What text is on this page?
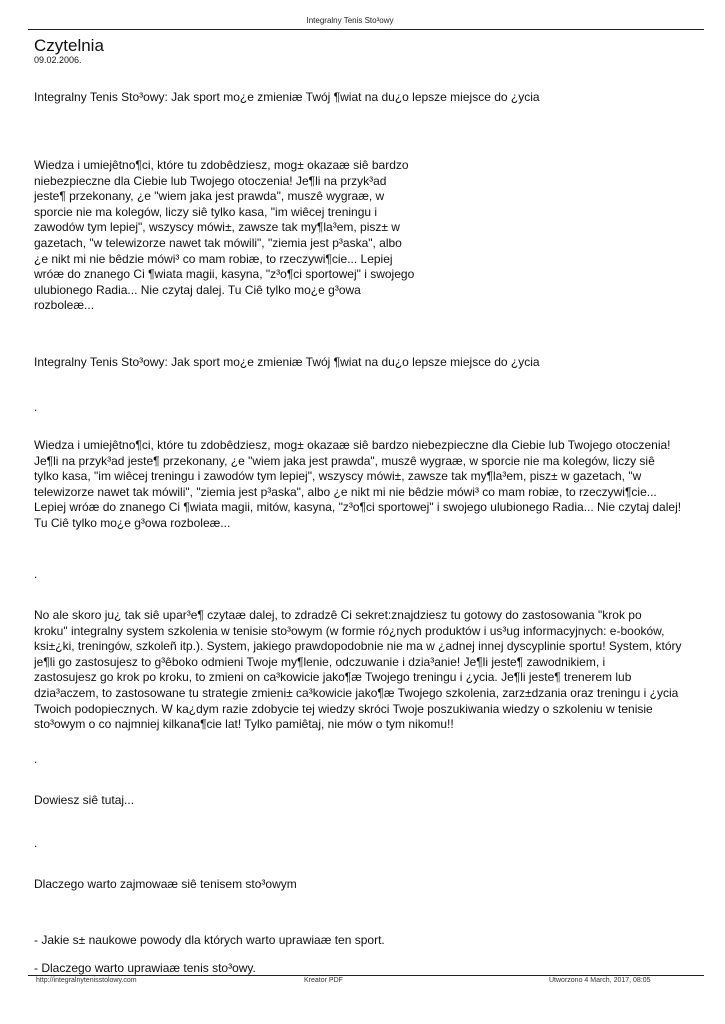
Integralny Tenis Sto³owy
Czytelnia
09.02.2006.
Integralny Tenis Sto³owy: Jak sport mo¿e zmieniæ Twój ¶wiat na du¿o lepsze miejsce do ¿ycia
Wiedza i umiejêtno¶ci, które tu zdobêdziesz, mog± okazaæ siê bardzo
niebezpieczne dla Ciebie lub Twojego otoczenia! Je¶li na przyk³ad
jeste¶ przekonany, ¿e "wiem jaka jest prawda", muszê wygraæ, w
sporcie nie ma kolegów, liczy siê tylko kasa, "im wiêcej treningu i
zawodów tym lepiej", wszyscy mówi±, zawsze tak my¶la³em, pisz± w
gazetach, "w telewizorze nawet tak mówili", "ziemia jest p³aska", albo
¿e nikt mi nie bêdzie mówi³ co mam robiæ, to rzeczywi¶cie... Lepiej
wróæ do znanego Ci ¶wiata magii, kasyna, "z³o¶ci sportowej" i swojego
ulubionego Radia... Nie czytaj dalej. Tu Ciê tylko mo¿e g³owa
rozboleæ...
Integralny Tenis Sto³owy: Jak sport mo¿e zmieniæ Twój ¶wiat na du¿o lepsze miejsce do ¿ycia
.
Wiedza i umiejêtno¶ci, które tu zdobêdziesz, mog± okazaæ siê bardzo niebezpieczne dla Ciebie lub Twojego otoczenia!
Je¶li na przyk³ad jeste¶ przekonany, ¿e "wiem jaka jest prawda", muszê wygraæ, w sporcie nie ma kolegów, liczy siê
tylko kasa, "im wiêcej treningu i zawodów tym lepiej", wszyscy mówi±, zawsze tak my¶la³em, pisz± w gazetach, "w
telewizorze nawet tak mówili", "ziemia jest p³aska", albo ¿e nikt mi nie bêdzie mówi³ co mam robiæ, to rzeczywi¶cie...
Lepiej wróæ do znanego Ci ¶wiata magii, mitów, kasyna, "z³o¶ci sportowej" i swojego ulubionego Radia... Nie czytaj dalej!
Tu Ciê tylko mo¿e g³owa rozboleæ...
.
No ale skoro ju¿ tak siê upar³e¶ czytaæ dalej, to zdradzê Ci sekret:znajdziesz tu gotowy do zastosowania "krok po
kroku" integralny system szkolenia w tenisie sto³owym (w formie ró¿nych produktów i us³ug informacyjnych: e-booków,
ksi±¿ki, treningów, szkoleñ itp.). System, jakiego prawdopodobnie nie ma w ¿adnej innej dyscyplinie sportu! System, który
je¶li go zastosujesz to g³êboko odmieni Twoje my¶lenie, odczuwanie i dzia³anie! Je¶li jeste¶ zawodnikiem, i
zastosujesz go krok po kroku, to zmieni on ca³kowicie jako¶æ Twojego treningu i ¿ycia. Je¶li jeste¶ trenerem lub
dzia³aczem, to zastosowane tu strategie zmieni± ca³kowicie jako¶æ Twojego szkolenia, zarz±dzania oraz treningu i ¿ycia
Twoich podopiecznych. W ka¿dym razie zdobycie tej wiedzy skróci Twoje poszukiwania wiedzy o szkoleniu w tenisie
sto³owym o co najmniej kilkana¶cie lat! Tylko pamiêtaj, nie mów o tym nikomu!!
.
Dowiesz siê tutaj...
.
Dlaczego warto zajmowaæ siê tenisem sto³owym
- Jakie s± naukowe powody dla których warto uprawiaæ ten sport.
- Dlaczego warto uprawiaæ tenis sto³owy.
http://integralnytenisstolowy.com	Kreator PDF	Utworzono 4 March, 2017, 08:05
